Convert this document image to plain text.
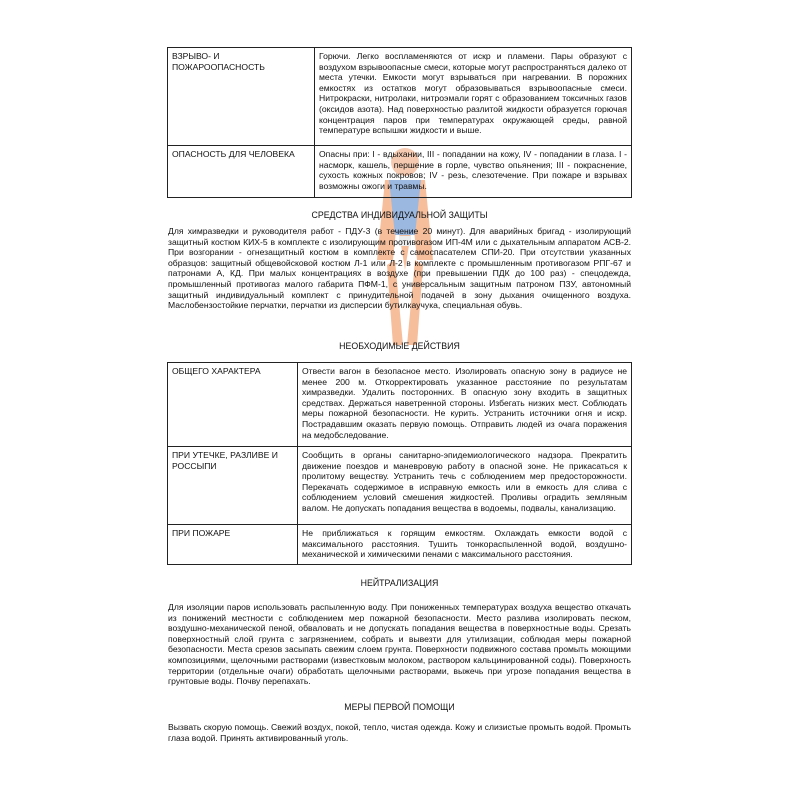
ВЗРЫВО- И ПОЖАРООПАСНОСТЬ	Горючи. Легко воспламеняются от искр и пламени. Пары образуют с воздухом взрывоопасные смеси, которые могут распространяться далеко от места утечки. Емкости могут взрываться при нагревании. В порожних емкостях из остатков могут образовываться взрывоопасные смеси. Нитрокраски, нитролаки, нитроэмали горят с образованием токсичных газов (оксидов азота). Над поверхностью разлитой жидкости образуется горючая концентрация паров при температурах окружающей среды, равной температуре вспышки жидкости и выше.
ОПАСНОСТЬ ДЛЯ ЧЕЛОВЕКА	Опасны при: I - вдыхании, III - попадании на кожу, IV - попадании в глаза. I - насморк, кашель, першение в горле, чувство опьянения; III - покраснение, сухость кожных покровов; IV - резь, слезотечение. При пожаре и взрывах возможны ожоги и травмы.
СРЕДСТВА ИНДИВИДУАЛЬНОЙ ЗАЩИТЫ
Для химразведки и руководителя работ - ПДУ-3 (в течение 20 минут). Для аварийных бригад - изолирующий защитный костюм КИХ-5 в комплекте с изолирующим противогазом ИП-4М или с дыхательным аппаратом АСВ-2. При возгорании - огнезащитный костюм в комплекте с самоспасателем СПИ-20. При отсутствии указанных образцов: защитный общевойсковой костюм Л-1 или Л-2 в комплекте с промышленным противогазом РПГ-67 и патронами А, КД. При малых концентрациях в воздухе (при превышении ПДК до 100 раз) - спецодежда, промышленный противогаз малого габарита ПФМ-1, с универсальным защитным патроном ПЗУ, автономный защитный индивидуальный комплект с принудительной подачей в зону дыхания очищенного воздуха. Маслобензостойкие перчатки, перчатки из дисперсии бутилкаучука, специальная обувь.
НЕОБХОДИМЫЕ ДЕЙСТВИЯ
ОБЩЕГО ХАРАКТЕРА	Отвести вагон в безопасное место. Изолировать опасную зону в радиусе не менее 200 м. Откорректировать указанное расстояние по результатам химразведки. Удалить посторонних. В опасную зону входить в защитных средствах. Держаться наветренной стороны. Избегать низких мест. Соблюдать меры пожарной безопасности. Не курить. Устранить источники огня и искр. Пострадавшим оказать первую помощь. Отправить людей из очага поражения на медобследование.
ПРИ УТЕЧКЕ, РАЗЛИВЕ И РОССЫПИ	Сообщить в органы санитарно-эпидемиологического надзора. Прекратить движение поездов и маневровую работу в опасной зоне. Не прикасаться к пролитому веществу. Устранить течь с соблюдением мер предосторожности. Перекачать содержимое в исправную емкость или в емкость для слива с соблюдением условий смешения жидкостей. Проливы оградить земляным валом. Не допускать попадания вещества в водоемы, подвалы, канализацию.
ПРИ ПОЖАРЕ	Не приближаться к горящим емкостям. Охлаждать емкости водой с максимального расстояния. Тушить тонкораспыленной водой, воздушно-механической и химическими пенами с максимального расстояния.
НЕЙТРАЛИЗАЦИЯ
Для изоляции паров использовать распыленную воду. При пониженных температурах воздуха вещество откачать из понижений местности с соблюдением мер пожарной безопасности. Место разлива изолировать песком, воздушно-механической пеной, обваловать и не допускать попадания вещества в поверхностные воды. Срезать поверхностный слой грунта с загрязнением, собрать и вывезти для утилизации, соблюдая меры пожарной безопасности. Места срезов засыпать свежим слоем грунта. Поверхности подвижного состава промыть моющими композициями, щелочными растворами (известковым молоком, раствором кальцинированной соды). Поверхность территории (отдельные очаги) обработать щелочными растворами, выжечь при угрозе попадания вещества в грунтовые воды. Почву перепахать.
МЕРЫ ПЕРВОЙ ПОМОЩИ
Вызвать скорую помощь. Свежий воздух, покой, тепло, чистая одежда. Кожу и слизистые промыть водой. Промыть глаза водой. Принять активированный уголь.
